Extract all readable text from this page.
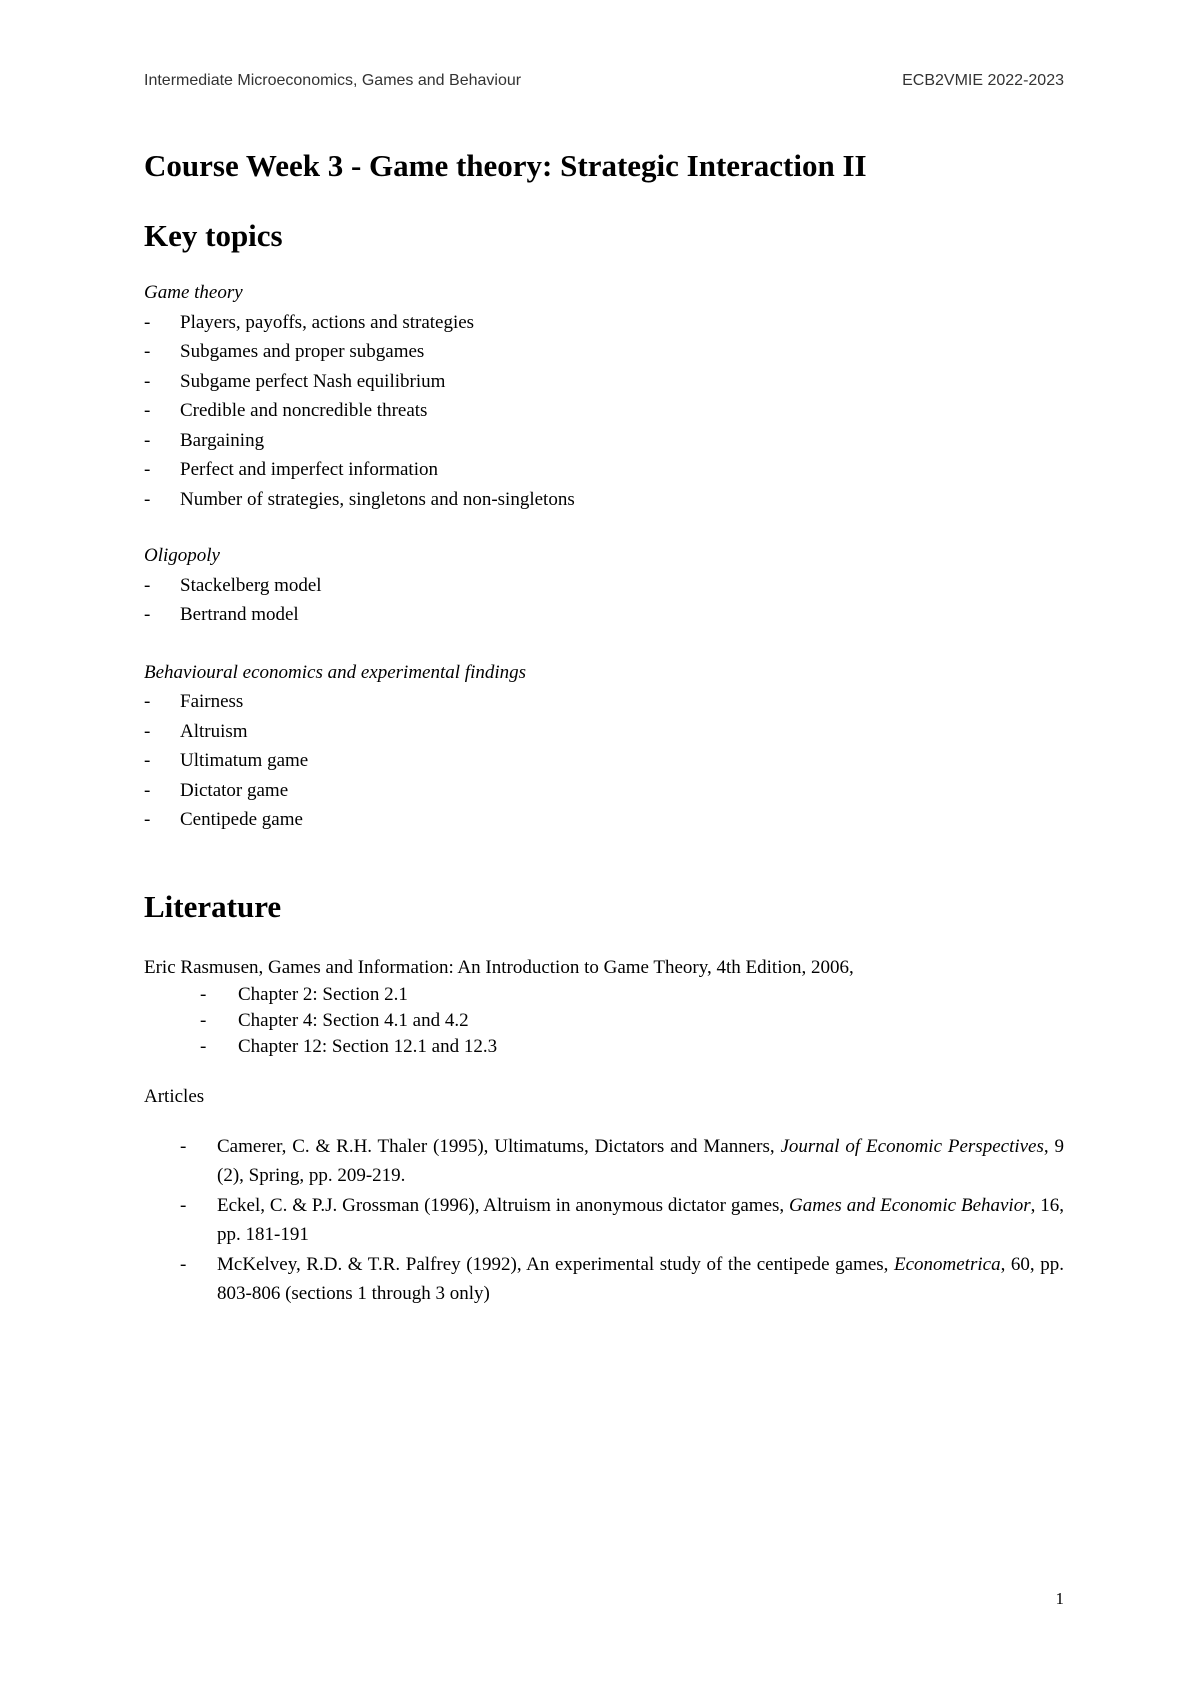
Intermediate Microeconomics, Games and Behaviour	ECB2VMIE 2022-2023
Course Week 3 - Game theory: Strategic Interaction II
Key topics
Game theory
- Players, payoffs, actions and strategies
- Subgames and proper subgames
- Subgame perfect Nash equilibrium
- Credible and noncredible threats
- Bargaining
- Perfect and imperfect information
- Number of strategies, singletons and non-singletons
Oligopoly
- Stackelberg model
- Bertrand model
Behavioural economics and experimental findings
- Fairness
- Altruism
- Ultimatum game
- Dictator game
- Centipede game
Literature
Eric Rasmusen, Games and Information: An Introduction to Game Theory, 4th Edition, 2006,
- Chapter 2: Section 2.1
- Chapter 4: Section 4.1 and 4.2
- Chapter 12: Section 12.1 and 12.3
Articles
- Camerer, C. & R.H. Thaler (1995), Ultimatums, Dictators and Manners, Journal of Economic Perspectives, 9 (2), Spring, pp. 209-219.
- Eckel, C. & P.J. Grossman (1996), Altruism in anonymous dictator games, Games and Economic Behavior, 16, pp. 181-191
- McKelvey, R.D. & T.R. Palfrey (1992), An experimental study of the centipede games, Econometrica, 60, pp. 803-806 (sections 1 through 3 only)
1
